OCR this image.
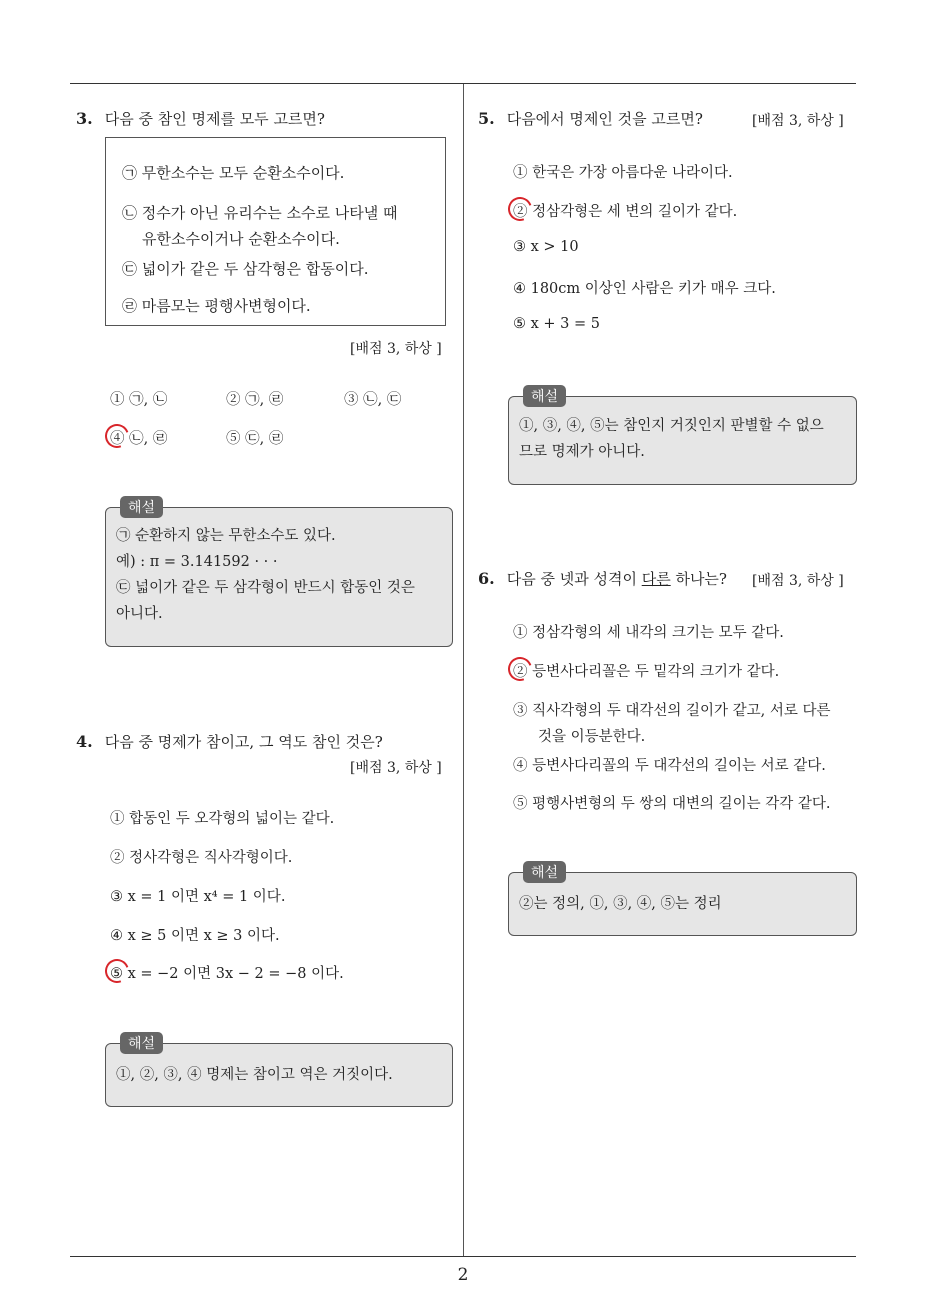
3. 다음 중 참인 명제를 모두 고르면?
㉠ 무한소수는 모두 순환소수이다.
㉡ 정수가 아닌 유리수는 소수로 나타낼 때
유한소수이거나 순환소수이다.
㉢ 넓이가 같은 두 삼각형은 합동이다.
㉣ 마름모는 평행사변형이다.
[배점 3, 하상 ]
① ㉠, ㉡	② ㉠, ㉣	③ ㉡, ㉢
④ ㉡, ㉣	⑤ ㉢, ㉣
해설
㉠ 순환하지 않는 무한소수도 있다.
예) : π = 3.141592 · · ·
㉢ 넓이가 같은 두 삼각형이 반드시 합동인 것은
아니다.
4. 다음 중 명제가 참이고, 그 역도 참인 것은?
[배점 3, 하상 ]
① 합동인 두 오각형의 넓이는 같다.
② 정사각형은 직사각형이다.
③ x = 1 이면 x⁴ = 1 이다.
④ x ≥ 5 이면 x ≥ 3 이다.
⑤ x = −2 이면 3x − 2 = −8 이다.
해설
①, ②, ③, ④ 명제는 참이고 역은 거짓이다.
5. 다음에서 명제인 것을 고르면?	[배점 3, 하상 ]
① 한국은 가장 아름다운 나라이다.
② 정삼각형은 세 변의 길이가 같다.
③ x > 10
④ 180cm 이상인 사람은 키가 매우 크다.
⑤ x + 3 = 5
해설
①, ③, ④, ⑤는 참인지 거짓인지 판별할 수 없으
므로 명제가 아니다.
6. 다음 중 넷과 성격이 다른 하나는? [배점 3, 하상 ]
① 정삼각형의 세 내각의 크기는 모두 같다.
② 등변사다리꼴은 두 밑각의 크기가 같다.
③ 직사각형의 두 대각선의 길이가 같고, 서로 다른
것을 이등분한다.
④ 등변사다리꼴의 두 대각선의 길이는 서로 같다.
⑤ 평행사변형의 두 쌍의 대변의 길이는 각각 같다.
해설
②는 정의, ①, ③, ④, ⑤는 정리
2
